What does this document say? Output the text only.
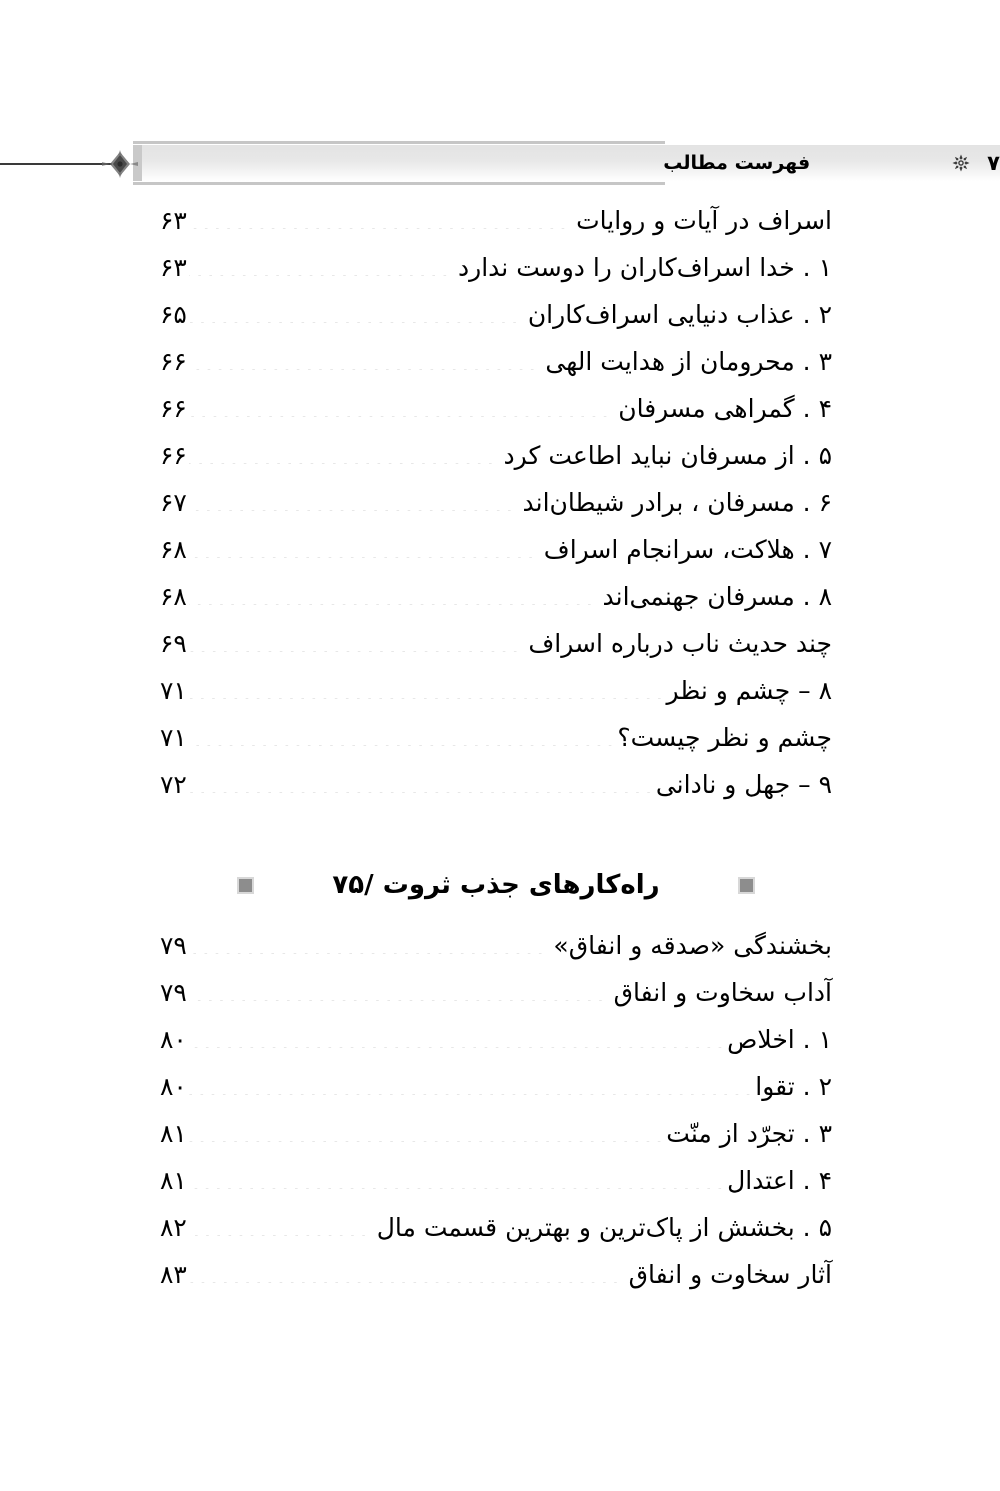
فهرست مطالب	۷
اسراف در آیات و روایات
.....
۶۳
۱ . خدا اسراف‌کاران را دوست ندارد
.....
۶۳
۲ . عذاب دنیایی اسراف‌کاران
.....
۶۵
۳ . محرومان از هدایت الهی
.....
۶۶
۴ . گمراهی مسرفان
.....
۶۶
۵ . از مسرفان نباید اطاعت کرد
.....
۶۶
۶ . مسرفان ، برادر شیطان‌اند
.....
۶۷
۷ . هلاکت، سرانجام اسراف
.....
۶۸
۸ . مسرفان جهنمی‌اند
.....
۶۸
چند حدیث ناب درباره اسراف
.....
۶۹
۸ – چشم و نظر
.....
۷۱
چشم و نظر چیست؟
.....
۷۱
۹ – جهل و نادانی
.....
۷۲
راه‌کارهای جذب ثروت /۷۵
بخشندگی «صدقه و انفاق»
.....
۷۹
آداب سخاوت و انفاق
.....
۷۹
۱ . اخلاص
.....
۸۰
۲ . تقوا
.....
۸۰
۳ . تجرّد از منّت
.....
۸۱
۴ . اعتدال
.....
۸۱
۵ . بخشش از پاک‌ترین و بهترین قسمت مال
.....
۸۲
آثار سخاوت و انفاق
.....
۸۳
